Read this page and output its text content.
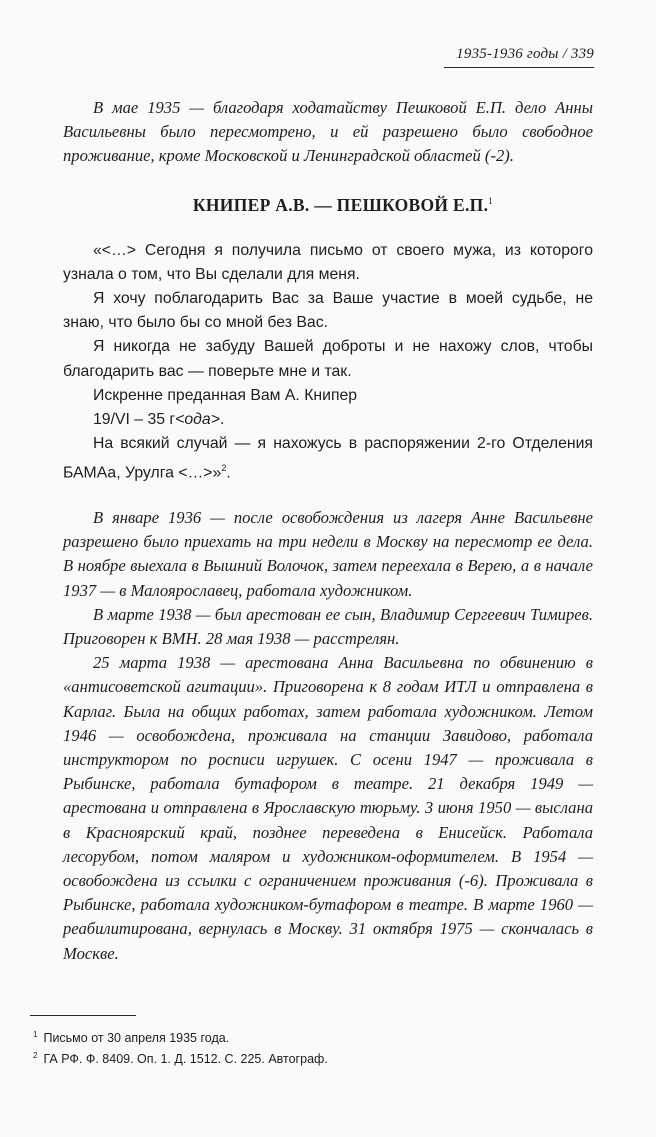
1935-1936 годы / 339

В мае 1935 — благодаря ходатайству Пешковой Е.П. дело Анны Васильевны было пересмотрено, и ей разрешено было свободное проживание, кроме Московской и Ленинградской областей (-2).

КНИПЕР А.В. — ПЕШКОВОЙ Е.П.$^1$

«<…> Сегодня я получила письмо от своего мужа, из которого узнала о том, что Вы сделали для меня.

Я хочу поблагодарить Вас за Ваше участие в моей судьбе, не знаю, что было бы со мной без Вас.

Я никогда не забуду Вашей доброты и не нахожу слов, чтобы благодарить вас — поверьте мне и так.

Искренне преданная Вам А. Книпер

19/VI – 35 г<ода>.

На всякий случай — я нахожусь в распоряжении 2-го Отделения БАМАа, Урулга <…>»$^2$.

В январе 1936 — после освобождения из лагеря Анне Васильевне разрешено было приехать на три недели в Москву на пересмотр ее дела. В ноябре выехала в Вышний Волочок, затем переехала в Верею, а в начале 1937 — в Малоярославец, работала художником.

В марте 1938 — был арестован ее сын, Владимир Сергеевич Тимирев. Приговорен к ВМН. 28 мая 1938 — расстрелян.

25 марта 1938 — арестована Анна Васильевна по обвинению в «антисоветской агитации». Приговорена к 8 годам ИТЛ и отправлена в Карлаг. Была на общих работах, затем работала художником. Летом 1946 — освобождена, проживала на станции Завидово, работала инструктором по росписи игрушек. С осени 1947 — проживала в Рыбинске, работала бутафором в театре. 21 декабря 1949 — арестована и отправлена в Ярославскую тюрьму. 3 июня 1950 — выслана в Красноярский край, позднее переведена в Енисейск. Работала лесорубом, потом маляром и художником-оформителем. В 1954 — освобождена из ссылки с ограничением проживания (-6). Проживала в Рыбинске, работала художником-бутафором в театре. В марте 1960 — реабилитирована, вернулась в Москву. 31 октября 1975 — скончалась в Москве.

$^1$ Письмо от 30 апреля 1935 года.
$^2$ ГА РФ. Ф. 8409. Оп. 1. Д. 1512. С. 225. Автограф.
